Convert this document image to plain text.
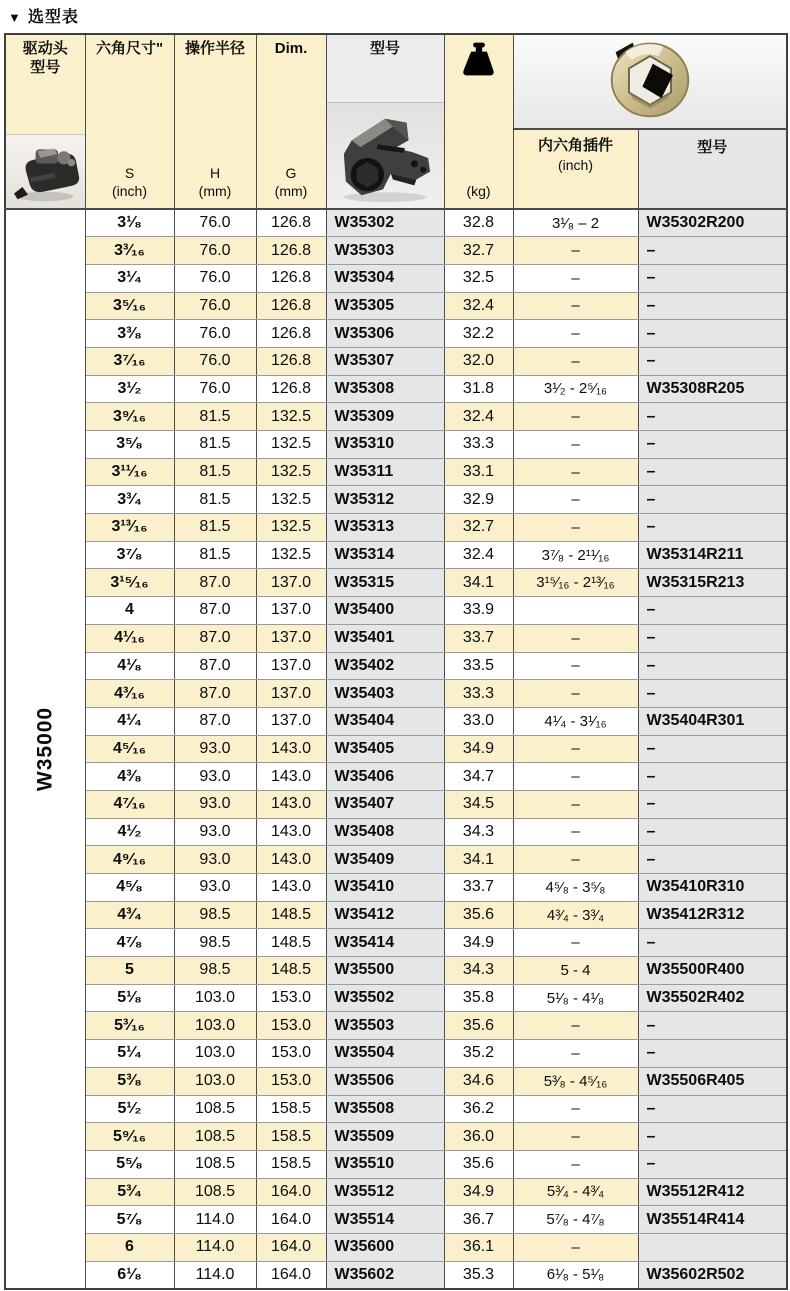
▼ 选型表
驱动头
型号

六角尺寸"
S
(inch)

操作半径
H
(mm)

Dim.
G
(mm)

型号

(kg)

						内六角插件
(inch)	型号

W35000	3¹⁄₈	76.0	126.8	W35302	32.8	3¹⁄₈ – 2	W35302R200
	3³⁄₁₆	76.0	126.8	W35303	32.7	–	–
	3¹⁄₄	76.0	126.8	W35304	32.5	–	–
	3⁵⁄₁₆	76.0	126.8	W35305	32.4	–	–
	3³⁄₈	76.0	126.8	W35306	32.2	–	–
	3⁷⁄₁₆	76.0	126.8	W35307	32.0	–	–
	3¹⁄₂	76.0	126.8	W35308	31.8	3¹⁄₂ - 2⁵⁄₁₆	W35308R205
	3⁹⁄₁₆	81.5	132.5	W35309	32.4	–	–
	3⁵⁄₈	81.5	132.5	W35310	33.3	–	–
	3¹¹⁄₁₆	81.5	132.5	W35311	33.1	–	–
	3³⁄₄	81.5	132.5	W35312	32.9	–	–
	3¹³⁄₁₆	81.5	132.5	W35313	32.7	–	–
	3⁷⁄₈	81.5	132.5	W35314	32.4	3⁷⁄₈ - 2¹¹⁄₁₆	W35314R211
	3¹⁵⁄₁₆	87.0	137.0	W35315	34.1	3¹⁵⁄₁₆ - 2¹³⁄₁₆	W35315R213
	4	87.0	137.0	W35400	33.9		–
	4¹⁄₁₆	87.0	137.0	W35401	33.7	–	–
	4¹⁄₈	87.0	137.0	W35402	33.5	–	–
	4³⁄₁₆	87.0	137.0	W35403	33.3	–	–
	4¹⁄₄	87.0	137.0	W35404	33.0	4¹⁄₄ - 3¹⁄₁₆	W35404R301
	4⁵⁄₁₆	93.0	143.0	W35405	34.9	–	–
	4³⁄₈	93.0	143.0	W35406	34.7	–	–
	4⁷⁄₁₆	93.0	143.0	W35407	34.5	–	–
	4¹⁄₂	93.0	143.0	W35408	34.3	–	–
	4⁹⁄₁₆	93.0	143.0	W35409	34.1	–	–
	4⁵⁄₈	93.0	143.0	W35410	33.7	4⁵⁄₈ - 3⁵⁄₈	W35410R310
	4³⁄₄	98.5	148.5	W35412	35.6	4³⁄₄ - 3³⁄₄	W35412R312
	4⁷⁄₈	98.5	148.5	W35414	34.9	–	–
	5	98.5	148.5	W35500	34.3	5 - 4	W35500R400
	5¹⁄₈	103.0	153.0	W35502	35.8	5¹⁄₈ - 4¹⁄₈	W35502R402
	5³⁄₁₆	103.0	153.0	W35503	35.6	–	–
	5¹⁄₄	103.0	153.0	W35504	35.2	–	–
	5³⁄₈	103.0	153.0	W35506	34.6	5³⁄₈ - 4⁵⁄₁₆	W35506R405
	5¹⁄₂	108.5	158.5	W35508	36.2	–	–
	5⁹⁄₁₆	108.5	158.5	W35509	36.0	–	–
	5⁵⁄₈	108.5	158.5	W35510	35.6	–	–
	5³⁄₄	108.5	164.0	W35512	34.9	5³⁄₄ - 4³⁄₄	W35512R412
	5⁷⁄₈	114.0	164.0	W35514	36.7	5⁷⁄₈ - 4⁷⁄₈	W35514R414
	6	114.0	164.0	W35600	36.1	–	
	6¹⁄₈	114.0	164.0	W35602	35.3	6¹⁄₈ - 5¹⁄₈	W35602R502
